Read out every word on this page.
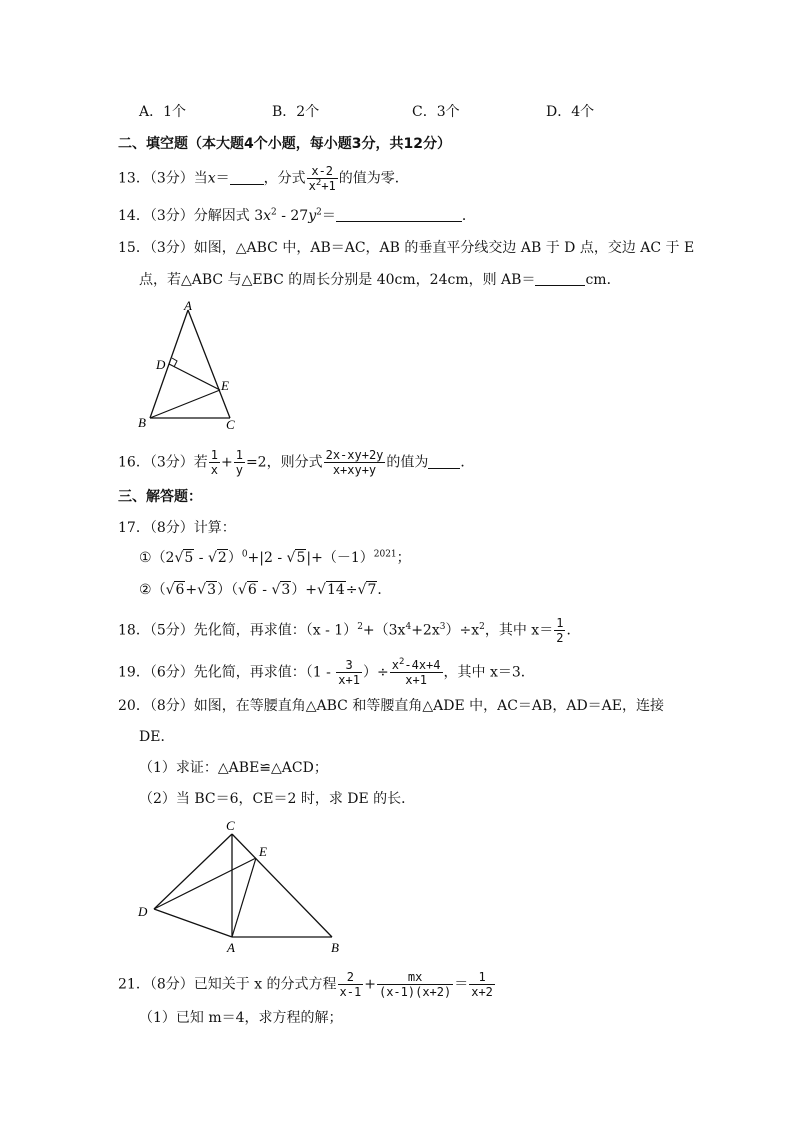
A．1个	B．2个	C．3个	D．4个
二、填空题（本大题4个小题，每小题3分，共12分）
13．（3分）当x＝ ，分式 $\frac{x-2}{x^2+1}$ 的值为零．
14．（3分）分解因式 $3x^2 - 27y^2=$	．
15．（3分）如图，△ABC 中，AB＝AC，AB 的垂直平分线交边 AB 于 D 点，交边 AC 于 E
点，若△ABC 与△EBC 的周长分别是 40cm，24cm，则 AB＝	cm．
A
D
E
B	C
16．（3分）若 $\frac{1}{x} + \frac{1}{y} =2$，则分式 $\frac{2x-xy+2y}{x+xy+y}$ 的值为 ．
三、解答题：
17．（8分）计算：
①（2√5 - $√2)^0+|2 - √5|+(-1)^{2021}$；
②（√6+√3）（√6 - √3）+√14÷√7．
18．（5分）先化简，再求值：$(x - 1)^2+(3x^4+2x^3)\div x^2$，其中 $x= \frac{1}{2}$ ．
19．（6分）先化简，再求值：（$1 - \frac{3}{x+1}$ ）÷ $\frac{x^2-4x+4}{x+1}$ ，其中 x＝3．
20．（8分）如图，在等腰直角△ABC 和等腰直角△ADE 中，AC＝AB，AD＝AE，连接
DE．
（1）求证：△ABE≌△ACD；
（2）当 BC＝6，CE＝2 时，求 DE 的长．
C
E
D
A	B
21．（8分）已知关于 x 的分式方程 $\frac{2}{x-1} + \frac{mx}{(x-1)(x+2)} = \frac{1}{x+2}$
（1）已知 m＝4，求方程的解；
